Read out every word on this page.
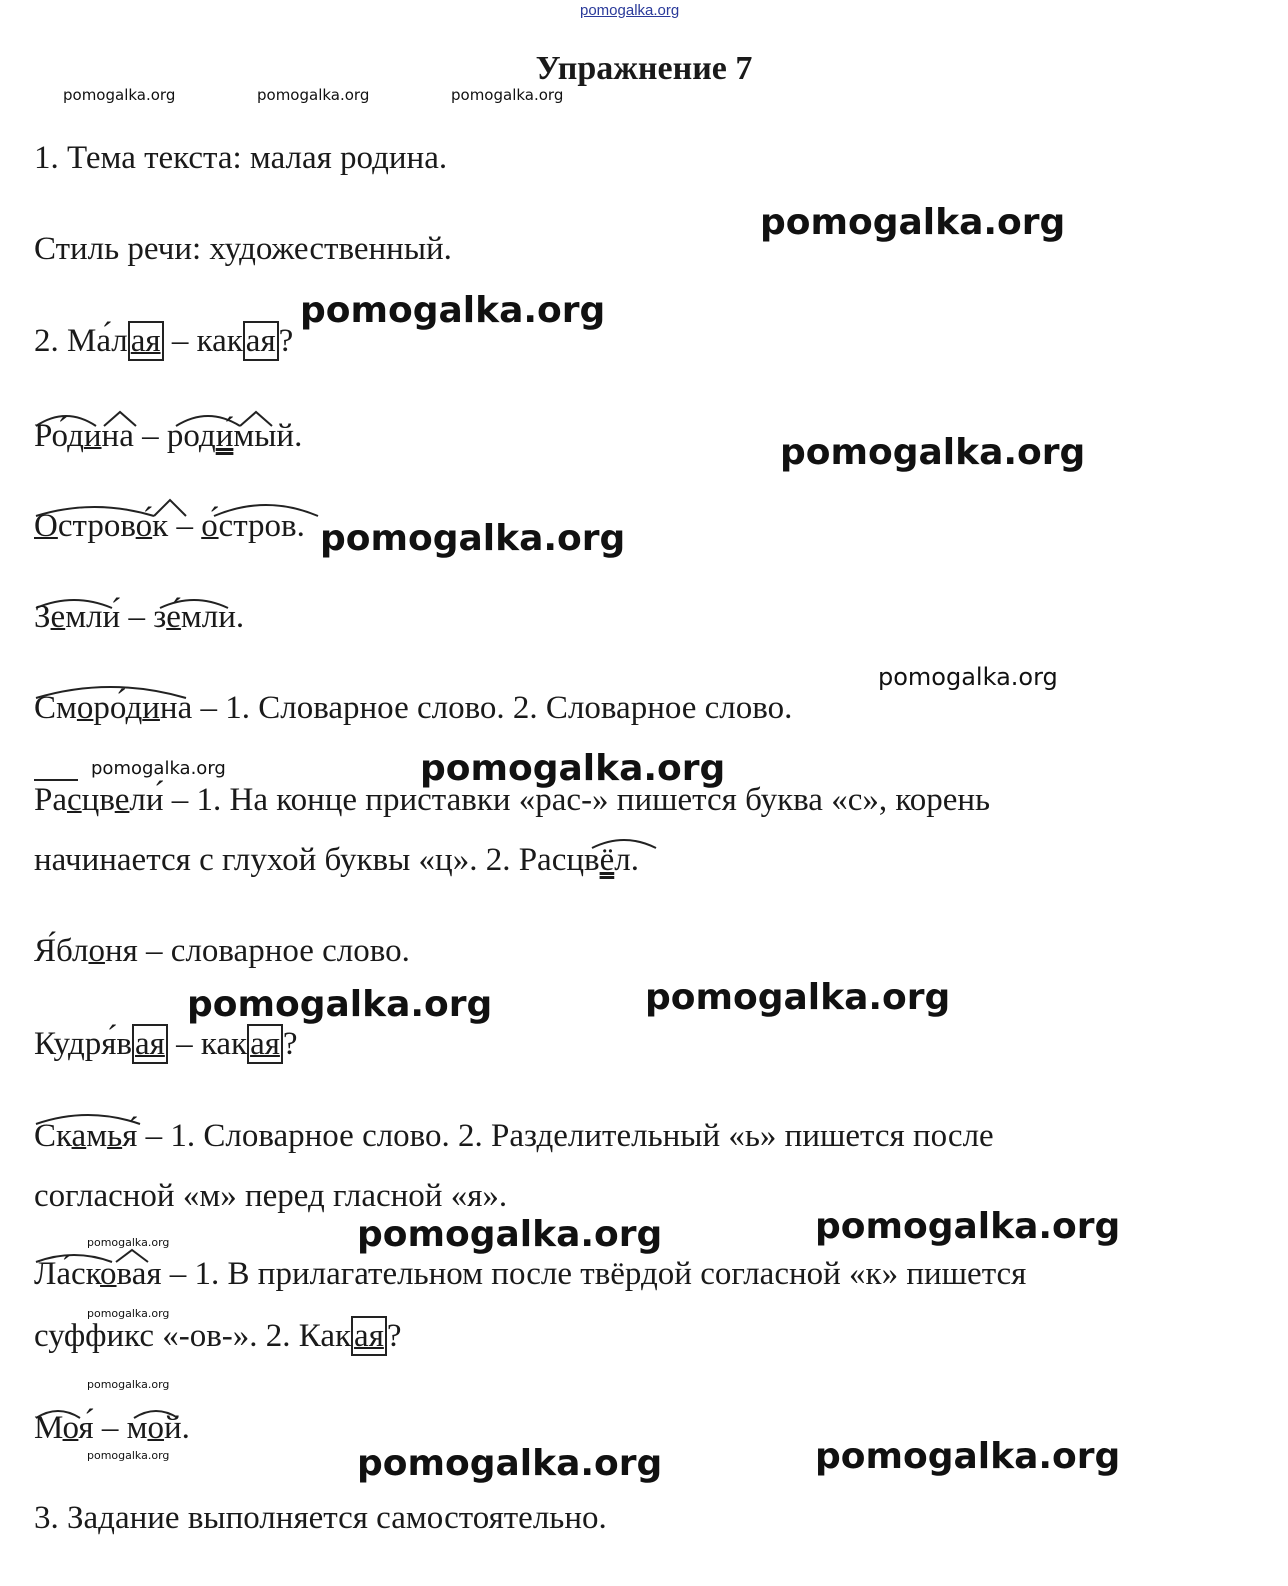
pomogalka.org
Упражнение 7
pomogalka.org	pomogalka.org	pomogalka.org
1. Тема текста: малая родина.
Стиль речи: художественный.
2. Ма́лая – какая?
Ро́дина – роди́мый.
Острово́к – о́стров.
Земли́ – зе́мли.
Сморо́дина – 1. Словарное слово. 2. Словарное слово.
Расцвели́ – 1. На конце приставки «рас-» пишется буква «с», корень
начинается с глухой буквы «ц». 2. Расцвёл.
Я́блоня – словарное слово.
Кудря́вая – какая?
Скамья́ – 1. Словарное слово. 2. Разделительный «ь» пишется после
согласной «м» перед гласной «я».
Ла́сковая – 1. В прилагательном после твёрдой согласной «к» пишется
суффикс «-ов-». 2. Какая?
Моя́ – мой.
3. Задание выполняется самостоятельно.
pomogalka.org
pomogalka.org
pomogalka.org
pomogalka.org
pomogalka.org
pomogalka.org
pomogalka.org
pomogalka.org
pomogalka.org
pomogalka.org
pomogalka.org
pomogalka.org
pomogalka.org
pomogalka.org
pomogalka.org	pomogalka.org
pomogalka.org
